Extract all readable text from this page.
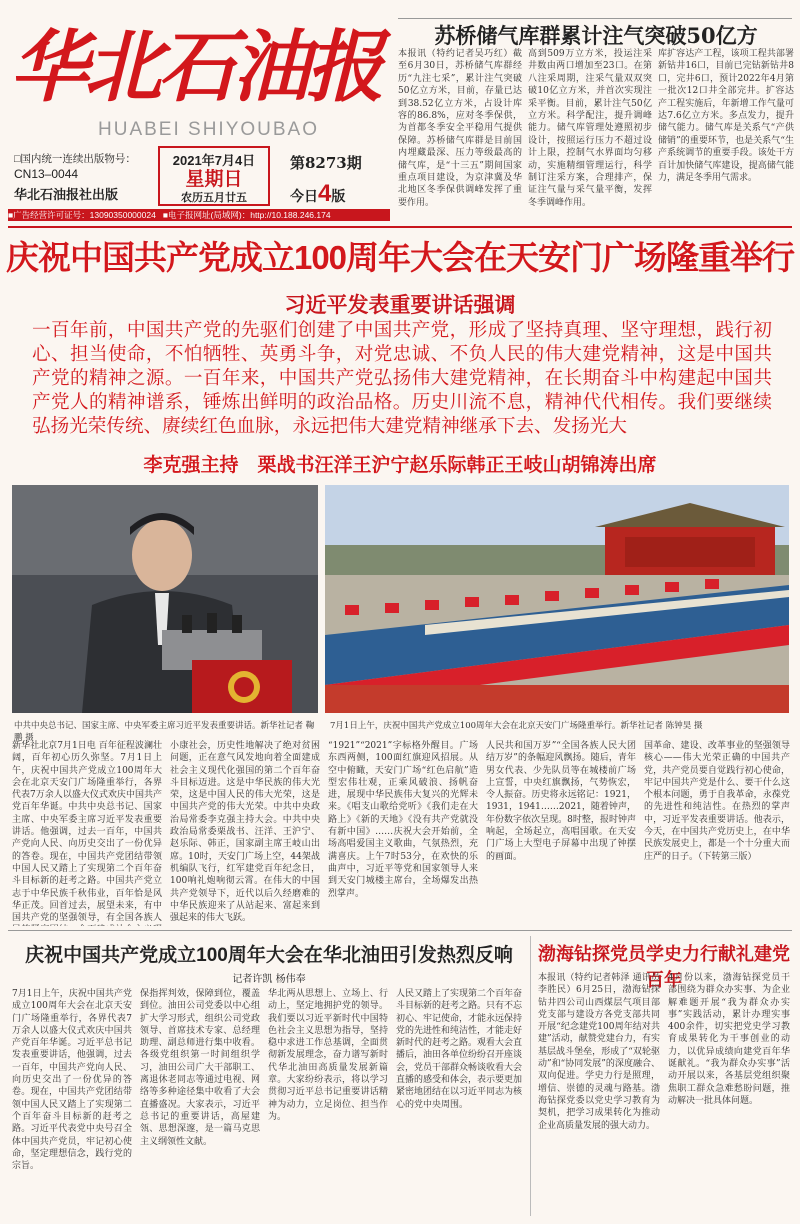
华北石油报
HUABEI SHIYOUBAO
□国内统一连续出版物号：
CN13–0044
华北石油报社出版
2021年7月4日
星期日
农历五月廿五
第8273期
今日4版
■广告经营许可证号：13090350000024 ■电子报网址(局域网)：http://10.188.246.174
苏桥储气库群累计注气突破50亿方
本报讯（特约记者吴巧红）截至6月30日，苏桥储气库群经历“九注七采”，累计注气突破50亿立方米，目前，存量已达到38.52亿立方米，占设计库容的86.8%，应对冬季保供，为首都冬季安全平稳用气提供保障。苏桥储气库群是目前国内埋藏最深、压力等级最高的储气库，是“十三五”期间国家重点项目建设，为京津冀及华北地区冬季保供调峰发挥了重要作用。
高到509万立方米，投运注采井数由两口增加至23口。在第八注采周期，注采气量双双突破10亿立方米，并首次实现注采平衡。目前，累计注气50亿立方米。科学配注，提升调峰能力。储气库管理处遵照初步设计，按照运行压力不超过设计上限，控制气水界面均匀移动，实施精细管理运行，科学制订注采方案，合理排产，保证注气量与采气量平衡，发挥冬季调峰作用。
库扩容达产工程，该项工程共部署新钻井16口，目前已完钻新钻井8口，完井6口，预计2022年4月第一批次12口井全部完井。扩容达产工程实施后，年新增工作气量可达7.6亿立方米。多点发力，提升储气能力。储气库是关系气“产供储销”的重要环节，也是关系气“生产系统调节的重要手段。该处干方百计加快储气库建设，提高储气能力，满足冬季用气需求。
庆祝中国共产党成立100周年大会在天安门广场隆重举行
习近平发表重要讲话强调
一百年前，中国共产党的先驱们创建了中国共产党，形成了坚持真理、坚守理想，践行初心、担当使命，不怕牺牲、英勇斗争，对党忠诚、不负人民的伟大建党精神，这是中国共产党的精神之源。一百年来，中国共产党弘扬伟大建党精神，在长期奋斗中构建起中国共产党人的精神谱系，锤炼出鲜明的政治品格。历史川流不息，精神代代相传。我们要继续弘扬光荣传统、赓续红色血脉，永远把伟大建党精神继承下去、发扬光大
李克强主持　栗战书汪洋王沪宁赵乐际韩正王岐山胡锦涛出席
中共中央总书记、国家主席、中央军委主席习近平发表重要讲话。新华社记者 鞠鹏 摄
7月1日上午，庆祝中国共产党成立100周年大会在北京天安门广场隆重举行。新华社记者 陈钟昊 摄
新华社北京7月1日电 百年征程波澜壮阔，百年初心历久弥坚。7月1日上午，庆祝中国共产党成立100周年大会在北京天安门广场隆重举行，各界代表7万余人以盛大仪式欢庆中国共产党百年华诞。中共中央总书记、国家主席、中央军委主席习近平发表重要讲话。他强调，过去一百年，中国共产党向人民、向历史交出了一份优异的答卷。现在，中国共产党团结带领中国人民又踏上了实现第二个百年奋斗目标新的赶考之路。中国共产党立志于中华民族千秋伟业，百年恰是风华正茂。回首过去，展望未来，有中国共产党的坚强领导，有全国各族人
小康社会，历史性地解决了绝对贫困问题，正在意气风发地向着全面建成社会主义现代化强国的第二个百年奋斗目标迈进。这是中华民族的伟大光荣，这是中国人民的伟大光荣，这是中国共产党的伟大光荣。中共中央政治局常委李克强主持大会。中共中央政治局常委栗战书、汪洋、王沪宁、赵乐际、韩正，国家副主席王岐山出席。10时，天安门广场上空，44架战机编队飞行，红军建党百年纪念日，100响礼炮响彻云霄。在伟大的中国共产党领导下，近代以后久经磨难的中华民族迎来了从站起来、富起来到强起来的伟大飞跃。
“1921”“2021”字标格外醒目。广场东西两侧，100面红旗迎风招展。从空中俯瞰，天安门广场“红色启航”造型宏伟壮观，正乘风破浪、扬帆奋进，展现中华民族伟大复兴的光辉未来。《唱支山歌给党听》《我们走在大路上》《新的天地》《没有共产党就没有新中国》……庆祝大会开始前，全场高唱爱国主义歌曲，气氛热烈，充满喜庆。上午7时53分，在欢快的乐曲声中，习近平等党和国家领导人来到天安门城楼主席台，全场爆发出热烈掌声。
人民共和国万岁”“全国各族人民大团结万岁”的条幅迎风飘扬。随后，青年男女代表、少先队员等在城楼前广场上宣誓，中央红旗飘扬，气势恢宏，令人振奋。历史将永远铭记：1921，1931，1941……2021，随着钟声，年份数字依次呈现。8时整，报时钟声响起，全场起立，高唱国歌。在天安门广场上大型电子屏幕中出现了钟摆的画面。
国革命、建设、改革事业的坚强领导核心——伟大光荣正确的中国共产党，共产党员要自觉践行初心使命，牢记中国共产党是什么、要干什么这个根本问题，勇于自我革命，永葆党的先进性和纯洁性。在热烈的掌声中，习近平发表重要讲话。他表示，今天，在中国共产党历史上，在中华民族发展史上，都是一个十分重大而庄严的日子。（下转第三版）
庆祝中国共产党成立100周年大会在华北油田引发热烈反响
记者许凯 杨伟奉
7月1日上午，庆祝中国共产党成立100周年大会在北京天安门广场隆重举行，各界代表7万余人以盛大仪式欢庆中国共产党百年华诞。习近平总书记发表重要讲话，他强调，过去一百年，中国共产党向人民、向历史交出了一份优异的答卷。现在，中国共产党团结带领中国人民又踏上了实现第二个百年奋斗目标新的赶考之路。习近平代表党中央号召全体中国共产党员，牢记初心使命，坚定理想信念，践行党的宗旨。
保指挥判效，保障到位，覆盖到位。油田公司党委以中心组扩大学习形式，组织公司党政领导、首席技术专家、总经理助理、副总师进行集中收看。各级党组织第一时间组织学习，油田公司广大干部职工、离退休老同志等通过电视、网络等多种途径集中收看了大会直播盛况。大家表示，习近平总书记的重要讲话，高屋建瓴、思想深邃，是一篇马克思主义纲领性文献。
华北两从思想上、立场上、行动上，坚定地拥护党的领导。我们要以习近平新时代中国特色社会主义思想为指导，坚持稳中求进工作总基调，全面贯彻新发展理念，奋力谱写新时代华北油田高质量发展新篇章。大家纷纷表示，将以学习贯彻习近平总书记重要讲话精神为动力，立足岗位、担当作为。
人民又踏上了实现第二个百年奋斗目标新的赶考之路。只有不忘初心、牢记使命，才能永远保持党的先进性和纯洁性，才能走好新时代的赶考之路。观看大会直播后，油田各单位纷纷召开座谈会，党员干部群众畅谈收看大会直播的感受和体会，表示要更加紧密地团结在以习近平同志为核心的党中央周围。
渤海钻探党员学史力行献礼建党百年
本报讯（特约记者韩泽 通讯员李胜民）6月25日，渤海钻探钻井四公司山西煤层气项目部党支部与建设方各党支部共同开展“纪念建党100周年结对共建”活动，献赞党建台力，有实基层战斗堡垒，形成了“双轮驱动”和“协同发展”的深度融合、双向促进。学史力行是照理，增信、崇德的灵魂与路基。渤海钻探党委以党史学习教育为契机，把学习成果转化为推动企业高质量发展的强大动力。
4月份以来，渤海钻探党员干部围绕为群众办实事、为企业解难题开展“我为群众办实事”实践活动，累计办理实事400余件，切实把党史学习教育成果转化为干事创业的动力，以优异成绩向建党百年华诞献礼。“我为群众办实事”活动开展以来，各基层党组织聚焦职工群众急难愁盼问题，推动解决一批具体问题。
